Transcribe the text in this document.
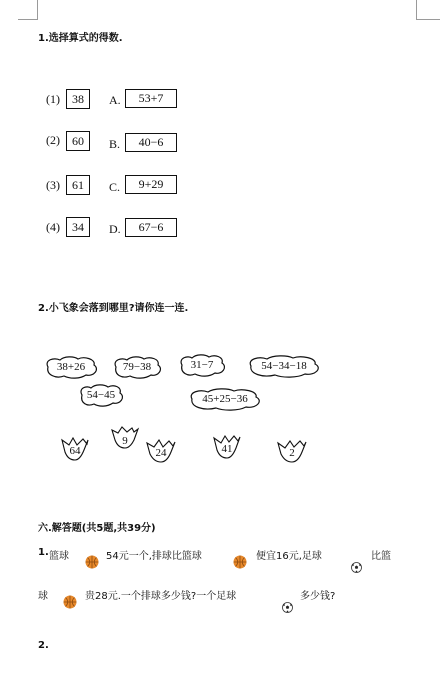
1.选择算式的得数.
(1)	38	A.	53+7
(2)	60	B.	40−6
(3)	61	C.	9+29
(4)	34	D.	67−6
2.小飞象会落到哪里?请你连一连.
38+26	79−38	31−7	54−34−18
54−45	45+25−36
64
9
24	41	2
六.解答题(共5题,共39分)
1. 篮球	54元一个,排球比篮球	便宜16元,足球	比篮
球	贵28元.一个排球多少钱?一个足球	多少钱?
2.
